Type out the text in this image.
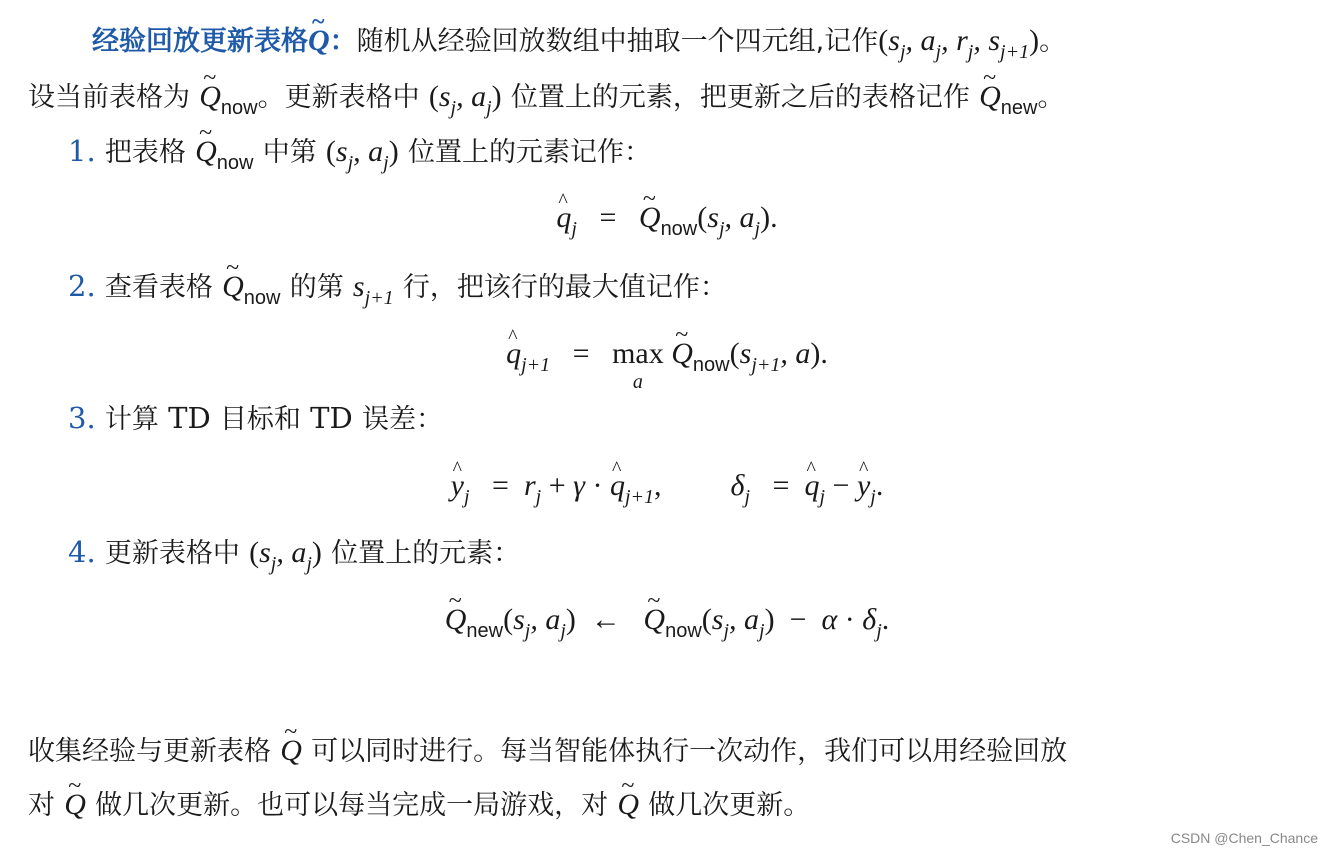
经验回放更新表格~ Q：随机从经验回放数组中抽取一个四元组,记作($s_j$, $a_j$, $r_j$, $s_{j+1}$)。
设当前表格为 ~ $Q_{now}$。更新表格中 ($s_j$, $a_j$) 位置上的元素，把更新之后的表格记作 ~ $Q_{new}$。
1. 把表格 ~ $Q_{now}$ 中第 ($s_j$, $a_j$) 位置上的元素记作：
^ $q_j$   =   ~ $Q_{now}(s_j$, $a_j$).
2. 查看表格 ~ $Q_{now}$ 的第 $s_{j+1}$ 行，把该行的最大值记作：
^ $q_{j+1} = \max$
a
~ $Q_{now}(s_{j+1}$, a).
3. 计算 TD 目标和 TD 误差：
^ $y_j = r_j + \gamma$ · ^ $q_{j+1}$,  $\delta_j$   =  ^ $q_j$ − ^ $y_j$.
4. 更新表格中 ($s_j$, $a_j$) 位置上的元素：
~ $Q_{new}(s_j$, $a_j$)  ←   ~ $Q_{now}(s_j$, $a_j) - \alpha \cdot \delta_j$.
收集经验与更新表格 ~ Q 可以同时进行。每当智能体执行一次动作，我们可以用经验回放
对 ~ Q 做几次更新。也可以每当完成一局游戏，对 ~ Q 做几次更新。
CSDN @Chen_Chance
